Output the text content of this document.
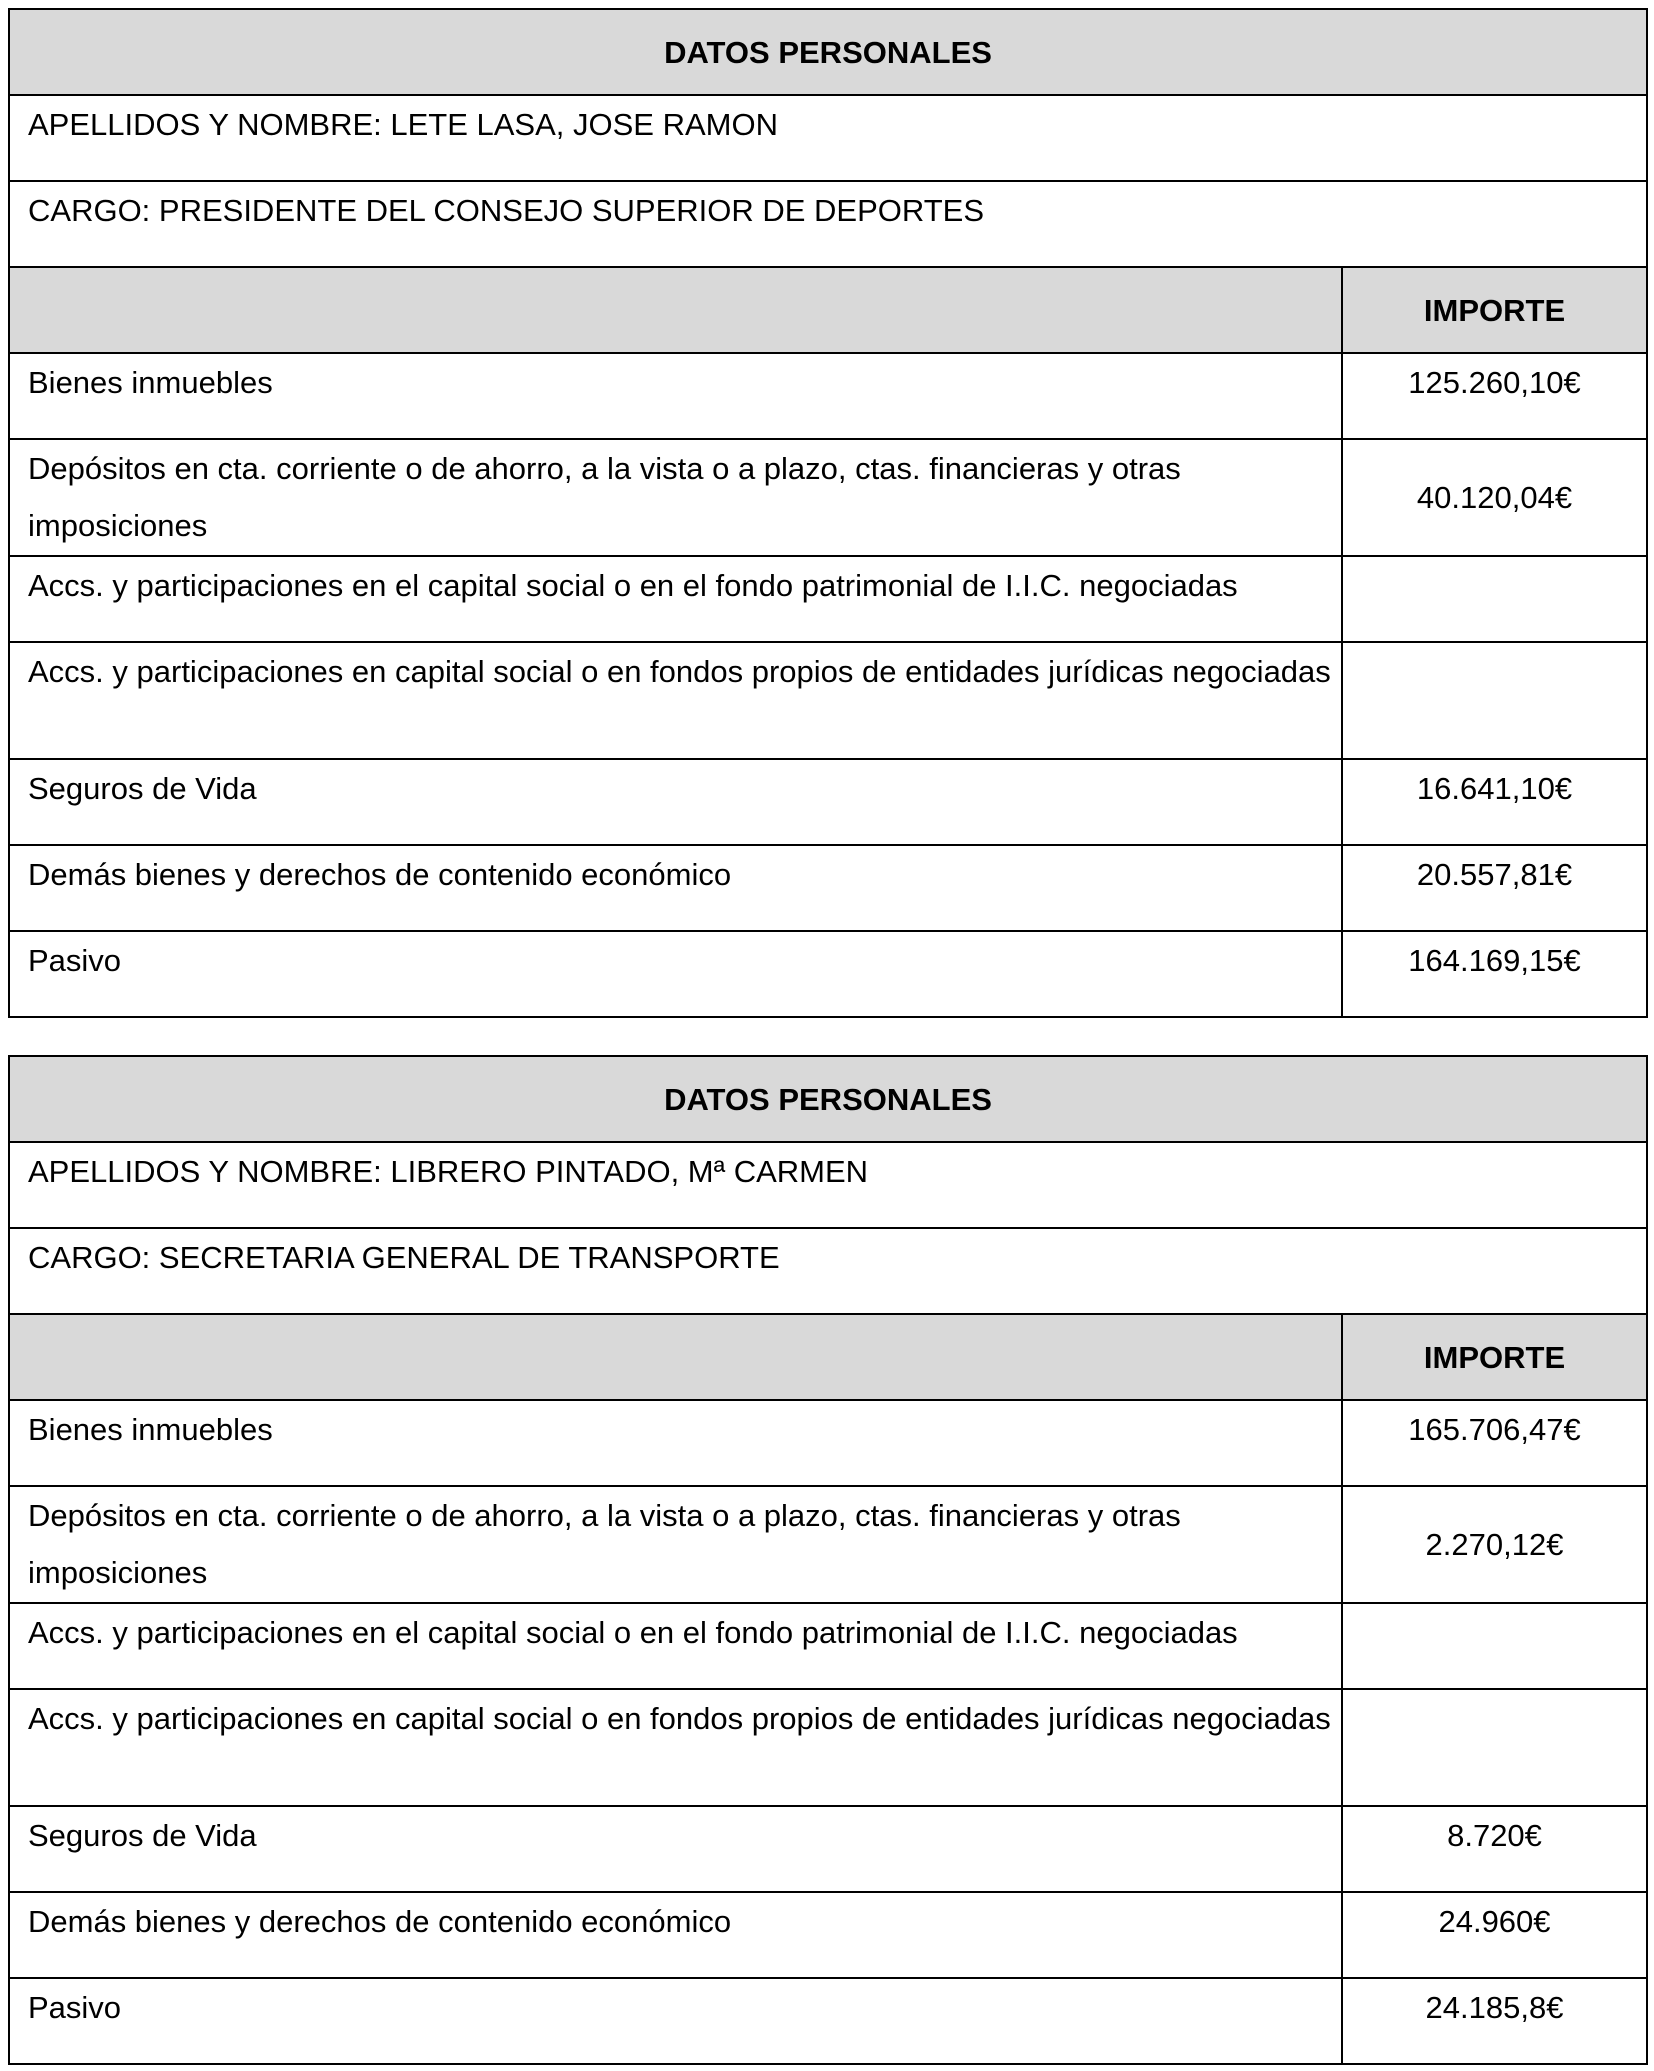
DATOS PERSONALES	
APELLIDOS Y NOMBRE: LETE LASA, JOSE RAMON	
CARGO: PRESIDENTE DEL CONSEJO SUPERIOR DE DEPORTES	
	IMPORTE
Bienes inmuebles	125.260,10€
Depósitos en cta. corriente o de ahorro, a la vista o a plazo, ctas. financieras y otras imposiciones	40.120,04€
Accs. y participaciones en el capital social o en el fondo patrimonial de I.I.C. negociadas	
Accs. y participaciones en capital social o en fondos propios de entidades jurídicas negociadas	
Seguros de Vida	16.641,10€
Demás bienes y derechos de contenido económico	20.557,81€
Pasivo	164.169,15€
DATOS PERSONALES	
APELLIDOS Y NOMBRE: LIBRERO PINTADO, Mª CARMEN	
CARGO: SECRETARIA GENERAL DE TRANSPORTE	
	IMPORTE
Bienes inmuebles	165.706,47€
Depósitos en cta. corriente o de ahorro, a la vista o a plazo, ctas. financieras y otras imposiciones	2.270,12€
Accs. y participaciones en el capital social o en el fondo patrimonial de I.I.C. negociadas	
Accs. y participaciones en capital social o en fondos propios de entidades jurídicas negociadas	
Seguros de Vida	8.720€
Demás bienes y derechos de contenido económico	24.960€
Pasivo	24.185,8€
